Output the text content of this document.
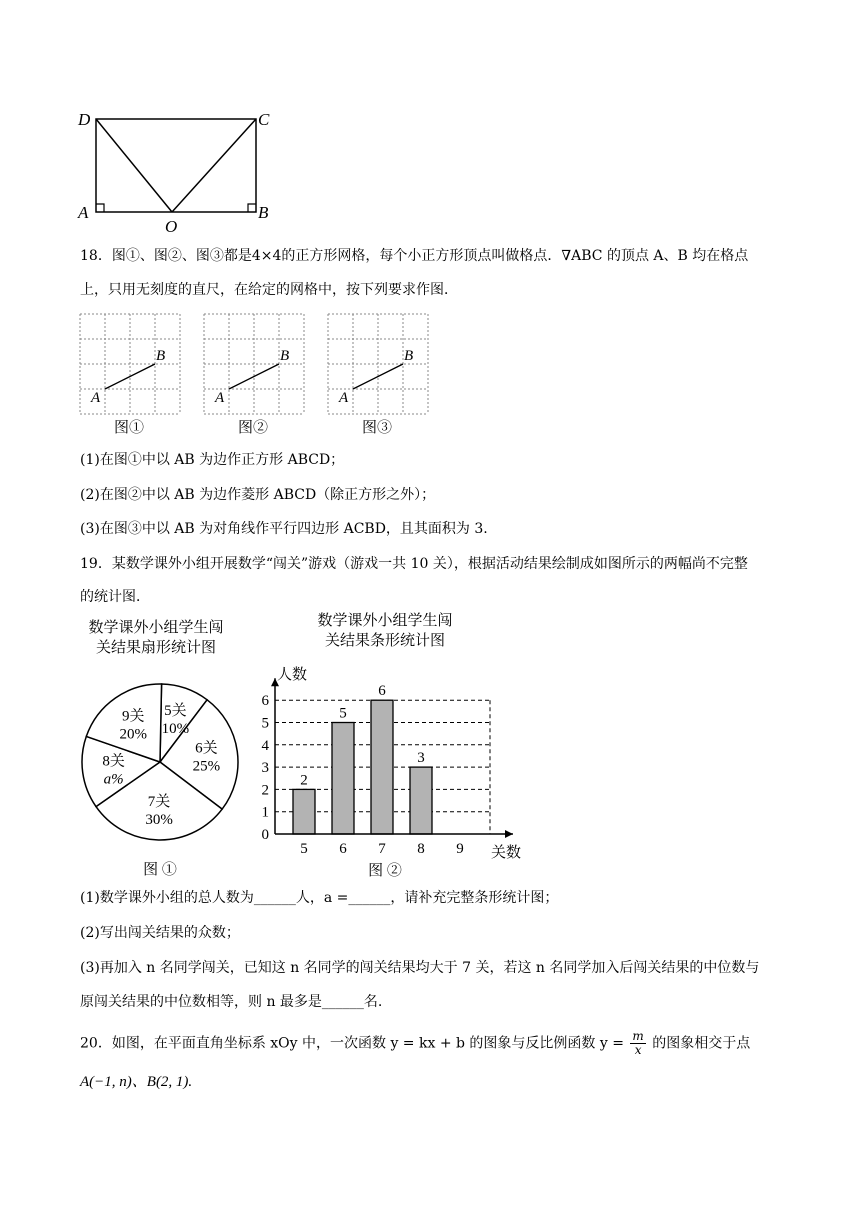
D	C
A
O
B
18．图①、图②、图③都是4×4的正方形网格，每个小正方形顶点叫做格点．∇ABC 的顶点 A、B 均在格点
上，只用无刻度的直尺，在给定的网格中，按下列要求作图．
A
B
图①
A
B
图②
A
B
图③
(1)在图①中以 AB 为边作正方形 ABCD；
(2)在图②中以 AB 为边作菱形 ABCD（除正方形之外）；
(3)在图③中以 AB 为对角线作平行四边形 ACBD，且其面积为 3.
19．某数学课外小组开展数学“闯关”游戏（游戏一共 10 关），根据活动结果绘制成如图所示的两幅尚不完整
的统计图．
数学课外小组学生闯
关结果扇形统计图
5关
10%
6关
25%
7关
30%
8关
a%
9关
20%
图 ①
数学课外小组学生闯
关结果条形统计图
2
5
6
3
0
1
2
3
4
5
6
5 6 7 8 9
人数
关数
图 ②
(1)数学课外小组的总人数为______人，a =______，请补充完整条形统计图；
(2)写出闯关结果的众数；
(3)再加入 n 名同学闯关，已知这 n 名同学的闯关结果均大于 7 关，若这 n 名同学加入后闯关结果的中位数与
原闯关结果的中位数相等，则 n 最多是______名.
20．如图，在平面直角坐标系 xOy 中，一次函数 y = kx + b 的图象与反比例函数 $y = \frac{m}{x}$ 的图象相交于点
A(−1, n)、B(2, 1).
